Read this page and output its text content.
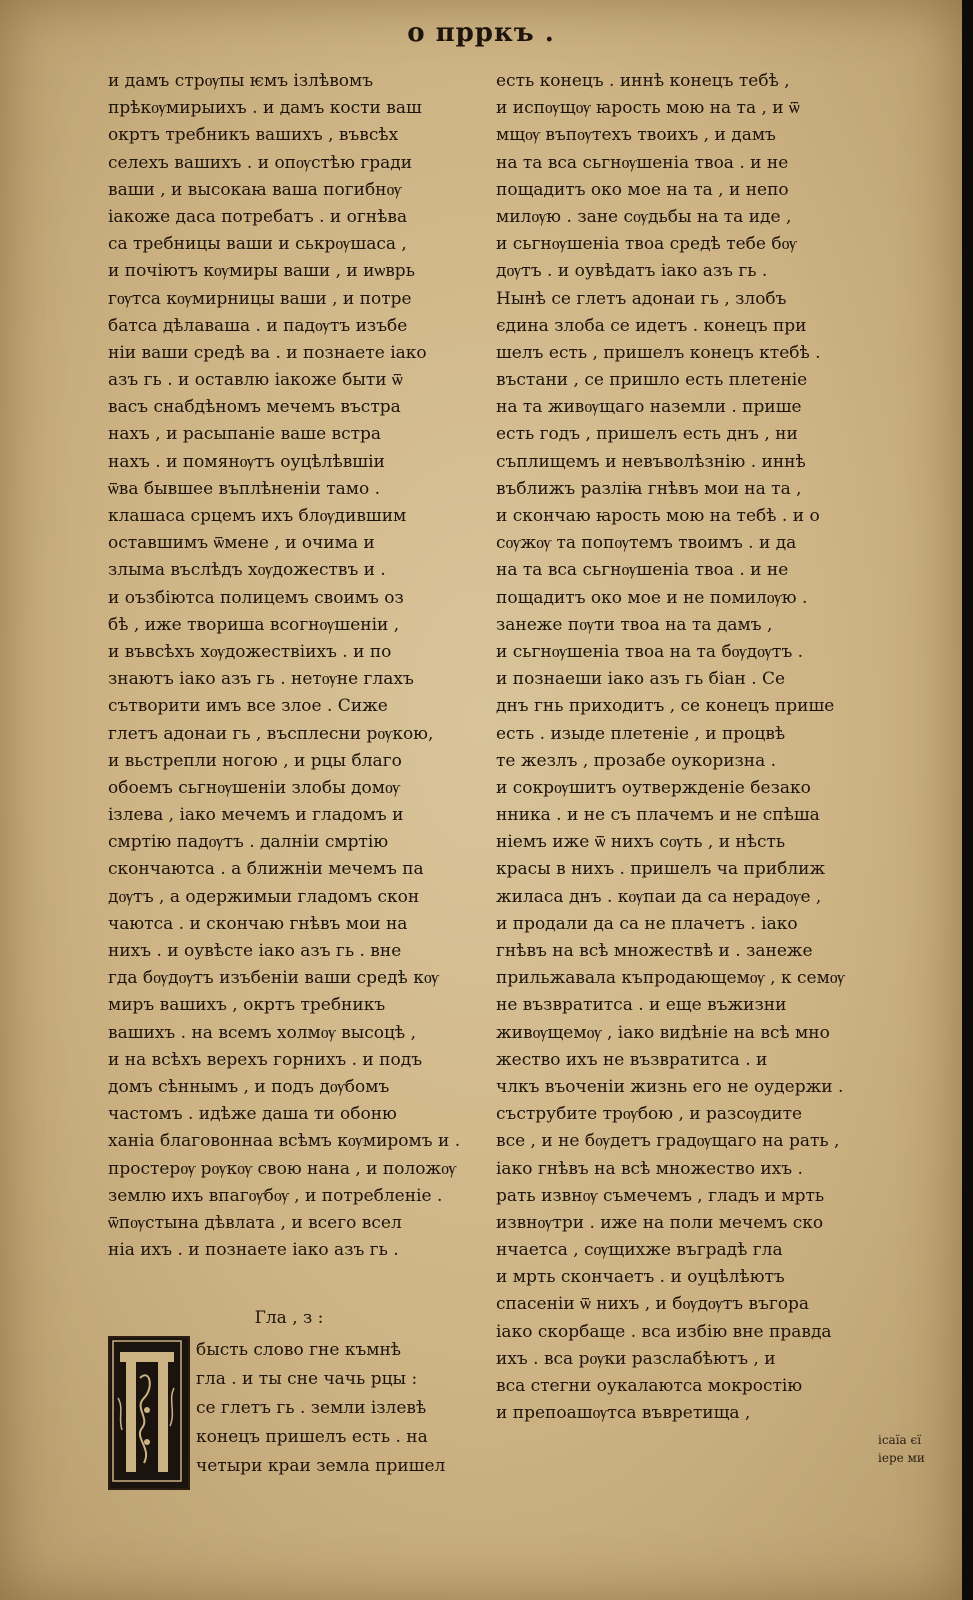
о прркъ .
и дамъ стрѹпы ѥмъ ізлѣвомъ
прѣкѹмирыихъ . и дамъ кости ваш
окртъ требникъ вашихъ , въвсѣх
селехъ вашихъ . и опѹстѣю гради
ваши , и высокаꙗ ваша погибнѹ
іакоже даса потребатъ . и огнѣва
са требницы ваши и ськрѹшаса ,
и почіютъ кѹмиры ваши , и иѡврь
гѹтса кѹмирницы ваши , и потре
батса дѣлаваша . и падѹтъ изъбе
ніи ваши средѣ ва . и познаете іако
азъ гь . и оставлю іакоже быти ѿ
васъ снабдѣномъ мечемъ въстра
нахъ , и расыпаніе ваше встра
нахъ . и помянѹтъ оуцѣлѣвшіи
ѿва бывшее въплѣненіи тамо .
клашаса срцемъ ихъ блѹдившим
оставшимъ ѿмене , и очима и
злыма въслѣдъ хѹдожествъ и .
и оъзбіютса полицемъ своимъ оз
бѣ , иже твориша всогнѹшеніи ,
и въвсѣхъ хѹдожествіихъ . и по
знаютъ іако азъ гь . нетѹне глахъ
сътворити имъ все злое . Сиже
глетъ адонаи гь , въсплесни рѹкою,
и вьстрепли ногою , и рцы благо
обоемъ сьгнѹшеніи злобы домѹ
ізлева , іако мечемъ и гладомъ и
смртію падѹтъ . далніи смртію
скончаютса . а ближніи мечемъ па
дѹтъ , а одержимыи гладомъ скон
чаютса . и скончаю гнѣвъ мои на
нихъ . и оувѣсте іако азъ гь . вне
гда бѹдѹтъ изъбеніи ваши средѣ кѹ
миръ вашихъ , окртъ требникъ
вашихъ . на всемъ холмѹ высоцѣ ,
и на всѣхъ верехъ горнихъ . и подъ
домъ сѣннымъ , и подъ дѹбомъ
частомъ . идѣже даша ти обоню
ханіа благовоннаа всѣмъ кѹмиромъ и .
простерѹ рѹкѹ свою нана , и положѹ
землю ихъ впагѹбѹ , и потребленіе .
ѿпѹстына дѣвлата , и всего всел
ніа ихъ . и познаете іако азъ гь .
Гла , з :
бысть слово гне къмнѣ
гла . и ты сне чачь рцы :
се глетъ гь . земли ізлевѣ
конецъ пришелъ есть . на
четыри краи земла пришел
есть конецъ . иннѣ конецъ тебѣ ,
и испѹщѹ ꙗрость мою на та , и ѿ
мщѹ въпѹтехъ твоихъ , и дамъ
на та вса сьгнѹшеніа твоа . и не
пощадитъ око мое на та , и непо
милѹю . зане сѹдьбы на та иде ,
и сьгнѹшеніа твоа средѣ тебе бѹ
дѹтъ . и оувѣдатъ іако азъ гь .
Нынѣ се глетъ адонаи гь , злобъ
єдина злоба се идетъ . конецъ при
шелъ есть , пришелъ конецъ ктебѣ .
въстани , се пришло есть плетеніе
на та живѹщаго наземли . прише
есть годъ , пришелъ есть днъ , ни
съплищемъ и невъволѣзнію . иннѣ
въближъ разліꙗ гнѣвъ мои на та ,
и скончаю ꙗрость мою на тебѣ . и о
сѹжѹ та попѹтемъ твоимъ . и да
на та вса сьгнѹшеніа твоа . и не
пощадитъ око мое и не помилѹю .
занеже пѹти твоа на та дамъ ,
и сьгнѹшеніа твоа на та бѹдѹтъ .
и познаеши іако азъ гь біан . Се
днъ гнь приходитъ , се конецъ прише
есть . изыде плетеніе , и процвѣ
те жезлъ , прозабе оукоризна .
и сокрѹшитъ оутвержденіе безако
нника . и не съ плачемъ и не спѣша
ніемъ иже ѿ нихъ сѹть , и нѣсть
красы в нихъ . пришелъ ча приближ
жиласа днъ . кѹпаи да са нерадѹе ,
и продали да са не плачетъ . іако
гнѣвъ на всѣ множествѣ и . занеже
прильжавала къпродающемѹ , к семѹ
не възвратитса . и еще въжизни
живѹщемѹ , іако видѣніе на всѣ мно
жество ихъ не възвратитса . и
члкъ въоченіи жизнь его не оудержи .
съструбите трѹбою , и разсѹдите
все , и не бѹдетъ градѹщаго на рать ,
іако гнѣвъ на всѣ множество ихъ .
рать извнѹ съмечемъ , гладъ и мрть
извнѹтри . иже на поли мечемъ ско
нчаетса , сѹщихже въградѣ гла
и мрть скончаетъ . и оуцѣлѣютъ
спасеніи ѿ нихъ , и бѹдѹтъ въгора
іако скорбаще . вса избію вне правда
ихъ . вса рѹки разслабѣютъ , и
вса стегни оукалаютса мокростію
и препоашѹтса въвретища ,
ісаїа єї
іере ми
